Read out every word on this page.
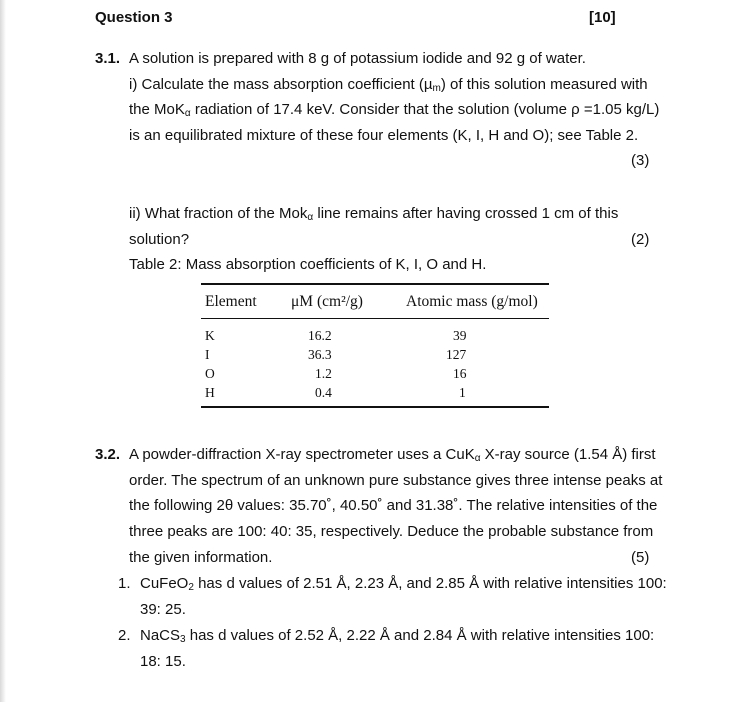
Question 3	[10]
3.1. A solution is prepared with 8 g of potassium iodide and 92 g of water.
i) Calculate the mass absorption coefficient (µ$_m$) of this solution measured with
the MoK$_\alpha$ radiation of 17.4 keV. Consider that the solution (volume ρ =1.05 kg/L)
is an equilibrated mixture of these four elements (K, I, H and O); see Table 2.
(3)
ii) What fraction of the Mok$_\alpha$ line remains after having crossed 1 cm of this
solution?	(2)
Table 2: Mass absorption coefficients of K, I, O and H.
Element μM (cm²/g)	Atomic mass (g/mol)
K	16.2	39
I	36.3	127
O	1.2	16
H	0.4	1
3.2. A powder-diffraction X-ray spectrometer uses a CuK$_\alpha$ X-ray source (1.54 Å) first
order. The spectrum of an unknown pure substance gives three intense peaks at
the following 2θ values: 35.70˚, 40.50˚ and 31.38˚. The relative intensities of the
three peaks are 100: 40: 35, respectively. Deduce the probable substance from
the given information.	(5)
1. CuFeO$_2$ has d values of 2.51 Å, 2.23 Å, and 2.85 Å with relative intensities 100:
39: 25.
2. NaCS$_3$ has d values of 2.52 Å, 2.22 Å and 2.84 Å with relative intensities 100:
18: 15.
